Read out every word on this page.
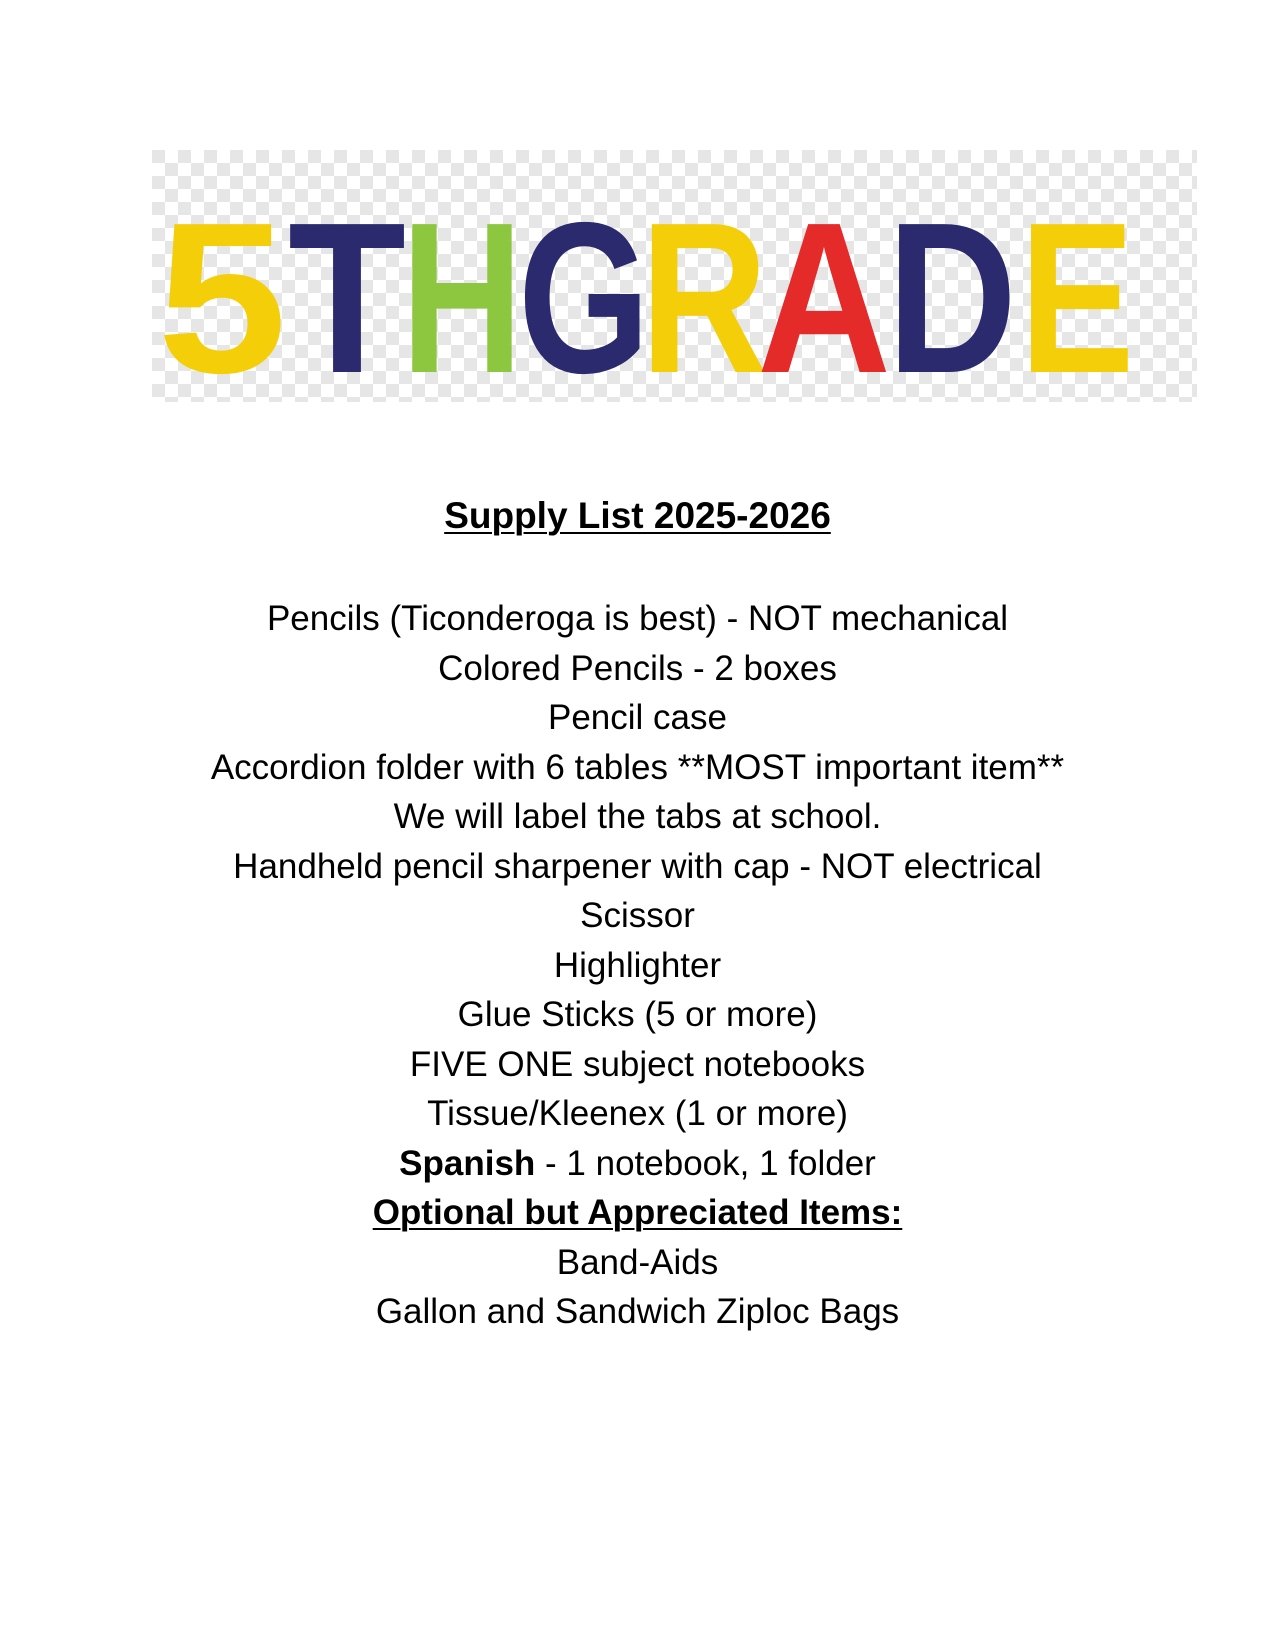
5 T
H
G
R
A
D E
Supply List 2025-2026
Pencils (Ticonderoga is best) - NOT mechanical
Colored Pencils - 2 boxes
Pencil case
Accordion folder with 6 tables **MOST important item**
We will label the tabs at school.
Handheld pencil sharpener with cap - NOT electrical
Scissor
Highlighter
Glue Sticks (5 or more)
FIVE ONE subject notebooks
Tissue/Kleenex (1 or more)
Spanish - 1 notebook, 1 folder
Optional but Appreciated Items:
Band-Aids
Gallon and Sandwich Ziploc Bags
